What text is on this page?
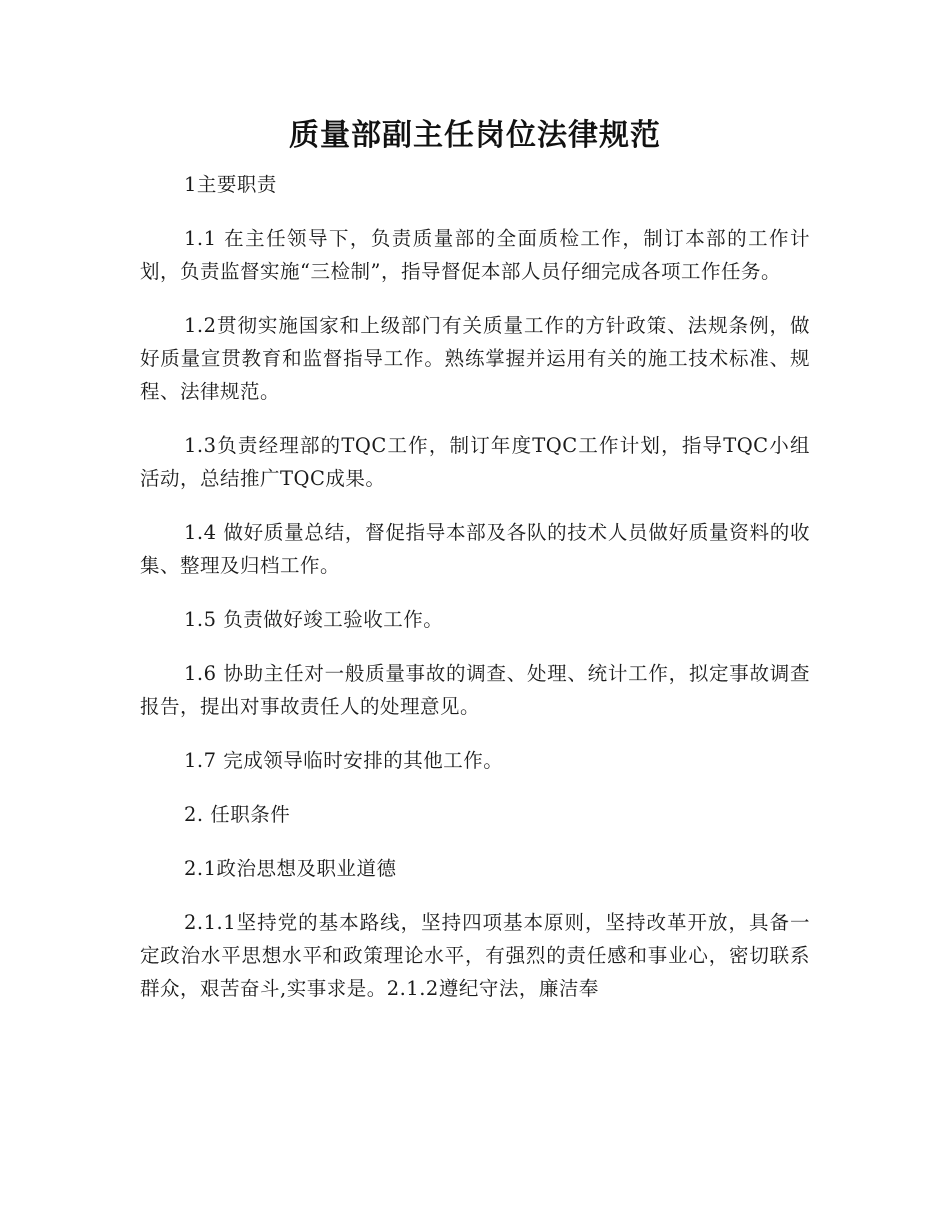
质量部副主任岗位法律规范

1主要职责

1.1 在主任领导下，负责质量部的全面质检工作，制订本部的工作计划，负责监督实施“三检制”，指导督促本部人员仔细完成各项工作任务。

1.2贯彻实施国家和上级部门有关质量工作的方针政策、法规条例，做好质量宣贯教育和监督指导工作。熟练掌握并运用有关的施工技术标准、规程、法律规范。

1.3负责经理部的TQC工作，制订年度TQC工作计划，指导TQC小组活动，总结推广TQC成果。

1.4 做好质量总结，督促指导本部及各队的技术人员做好质量资料的收集、整理及归档工作。

1.5 负责做好竣工验收工作。

1.6 协助主任对一般质量事故的调查、处理、统计工作，拟定事故调查报告，提出对事故责任人的处理意见。

1.7 完成领导临时安排的其他工作。

2. 任职条件

2.1政治思想及职业道德

2.1.1坚持党的基本路线，坚持四项基本原则，坚持改革开放，具备一定政治水平思想水平和政策理论水平，有强烈的责任感和事业心，密切联系群众，艰苦奋斗,实事求是。2.1.2遵纪守法，廉洁奉
